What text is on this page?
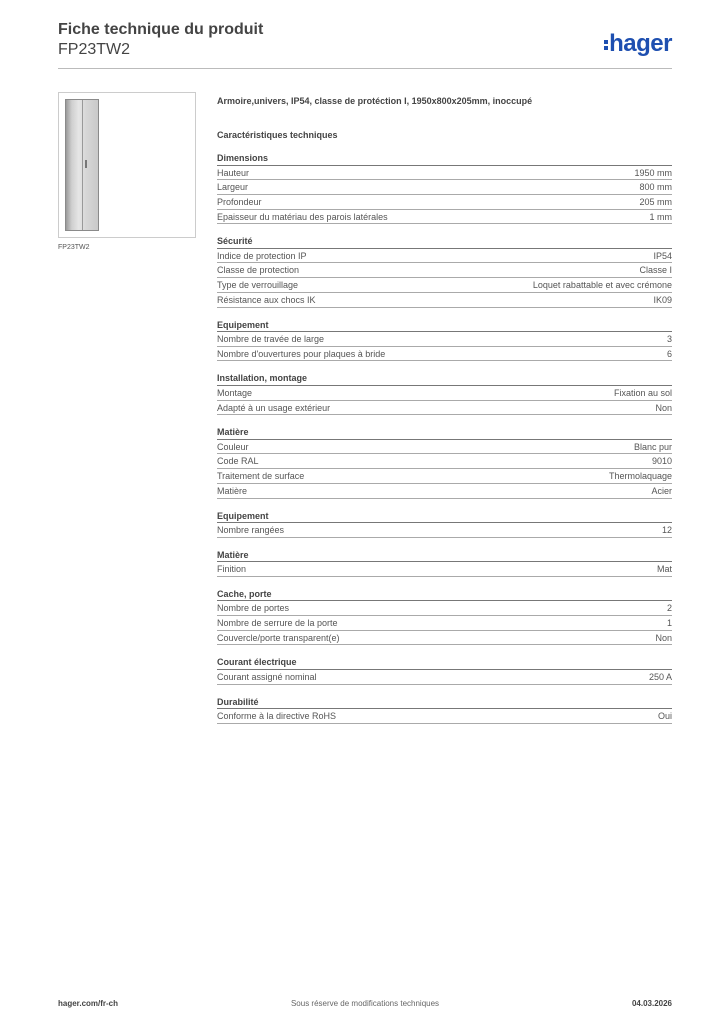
Fiche technique du produit
FP23TW2	hager
FP23TW2
Armoire,univers, IP54, classe de protéction I, 1950x800x205mm, inoccupé
Caractéristiques techniques
Dimensions
Hauteur	1950 mm
Largeur	800 mm
Profondeur	205 mm
Epaisseur du matériau des parois latérales	1 mm
Sécurité
Indice de protection IP	IP54
Classe de protection	Classe I
Type de verrouillage	Loquet rabattable et avec crémone
Résistance aux chocs IK	IK09
Equipement
Nombre de travée de large	3
Nombre d'ouvertures pour plaques à bride	6
Installation, montage
Montage	Fixation au sol
Adapté à un usage extérieur	Non
Matière
Couleur	Blanc pur
Code RAL	9010
Traitement de surface	Thermolaquage
Matière	Acier
Equipement
Nombre rangées	12
Matière
Finition	Mat
Cache, porte
Nombre de portes	2
Nombre de serrure de la porte	1
Couvercle/porte transparent(e)	Non
Courant électrique
Courant assigné nominal	250 A
Durabilité
Conforme à la directive RoHS	Oui
hager.com/fr-ch	Sous réserve de modifications techniques	04.03.2026
